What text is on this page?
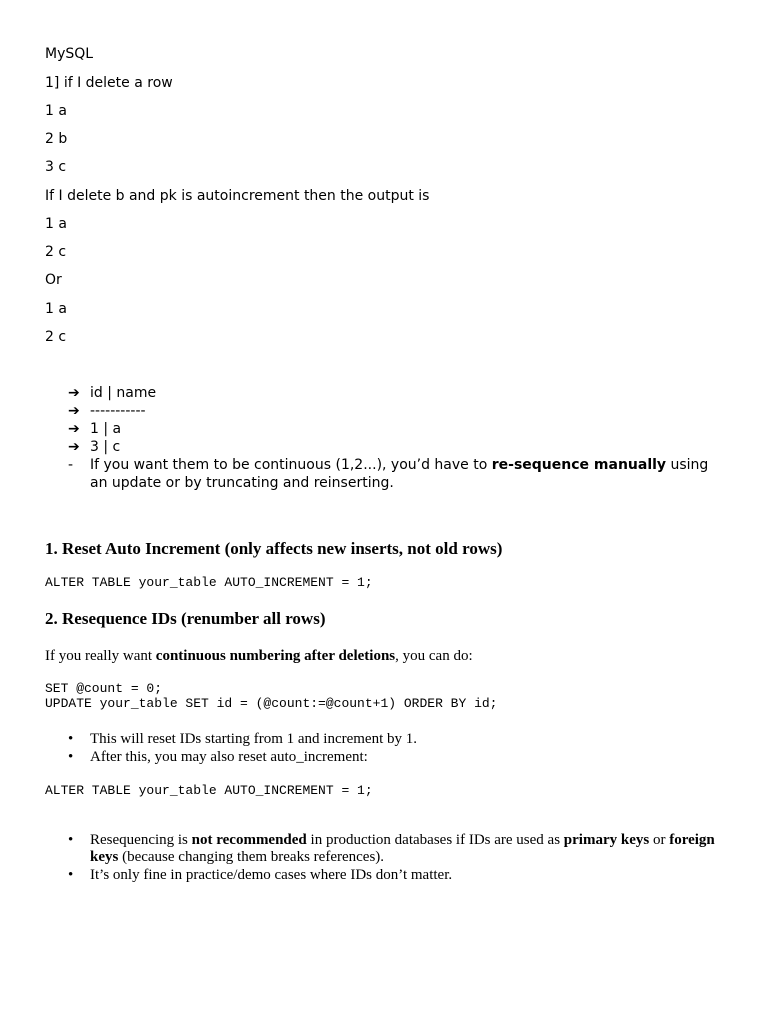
MySQL
1] if I delete a row
1 a
2 b
3 c
If I delete b and pk is autoincrement then the output is
1 a
2 c
Or
1 a
2 c
➔ id | name
➔ -----------
➔ 1 | a
➔ 3 | c
- If you want them to be continuous (1,2...), you’d have to re-sequence manually using an update or by truncating and reinserting.
1. Reset Auto Increment (only affects new inserts, not old rows)
ALTER TABLE your_table AUTO_INCREMENT = 1;
2. Resequence IDs (renumber all rows)
If you really want continuous numbering after deletions, you can do:
SET @count = 0;
UPDATE your_table SET id = (@count:=@count+1) ORDER BY id;
• This will reset IDs starting from 1 and increment by 1.
• After this, you may also reset auto_increment:
ALTER TABLE your_table AUTO_INCREMENT = 1;
• Resequencing is not recommended in production databases if IDs are used as primary keys or foreign keys (because changing them breaks references).
• It’s only fine in practice/demo cases where IDs don’t matter.
